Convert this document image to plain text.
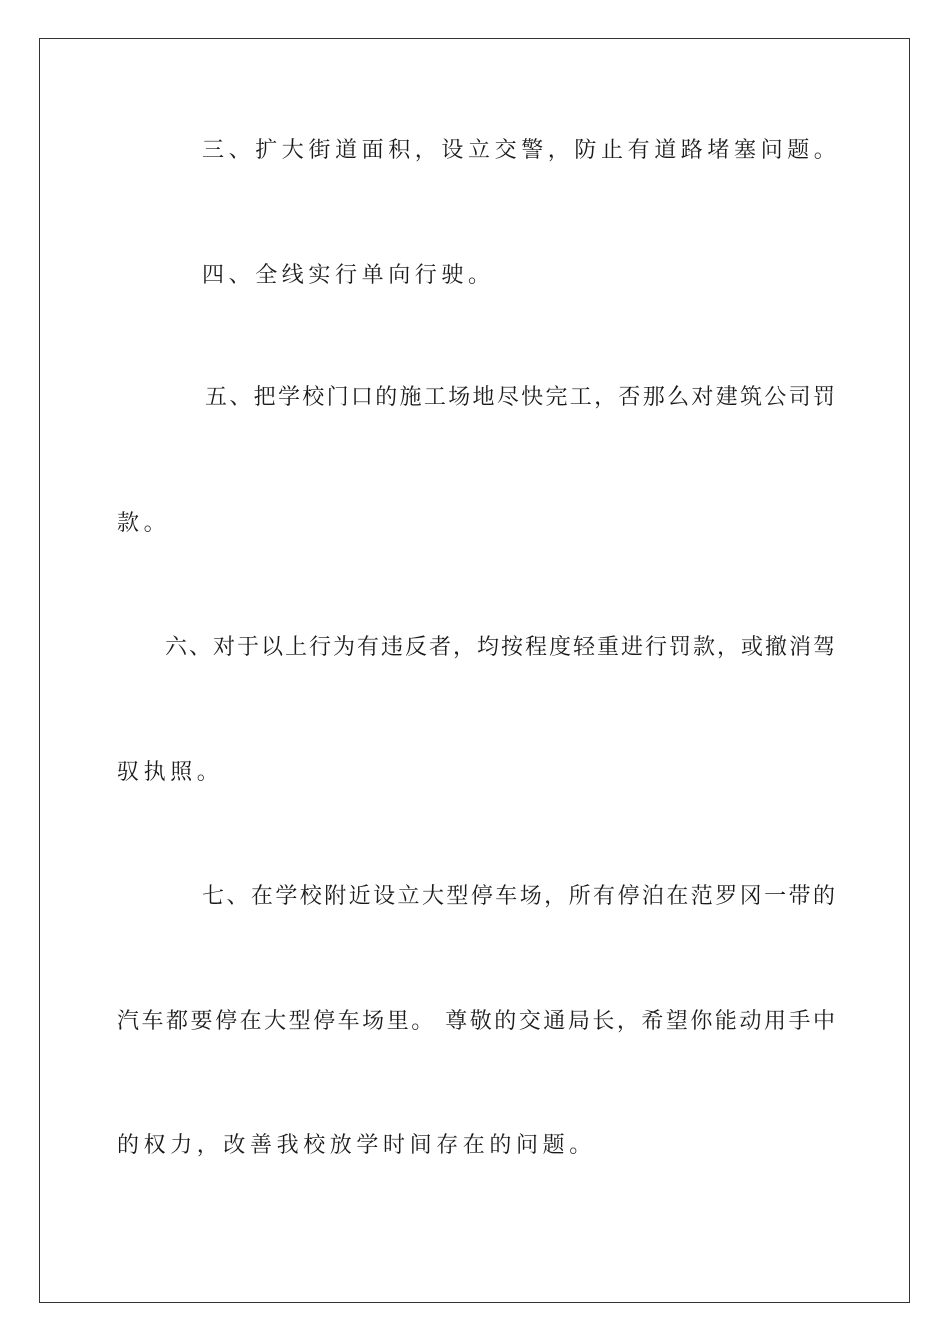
三、扩大街道面积，设立交警，防止有道路堵塞问题。
四、全线实行单向行驶。
五、把学校门口的施工场地尽快完工，否那么对建筑公司罚
款。
六、对于以上行为有违反者，均按程度轻重进行罚款，或撤消驾
驭执照。
七、在学校附近设立大型停车场，所有停泊在范罗冈一带的
汽车都要停在大型停车场里。 尊敬的交通局长，希望你能动用手中
的权力，改善我校放学时间存在的问题。
